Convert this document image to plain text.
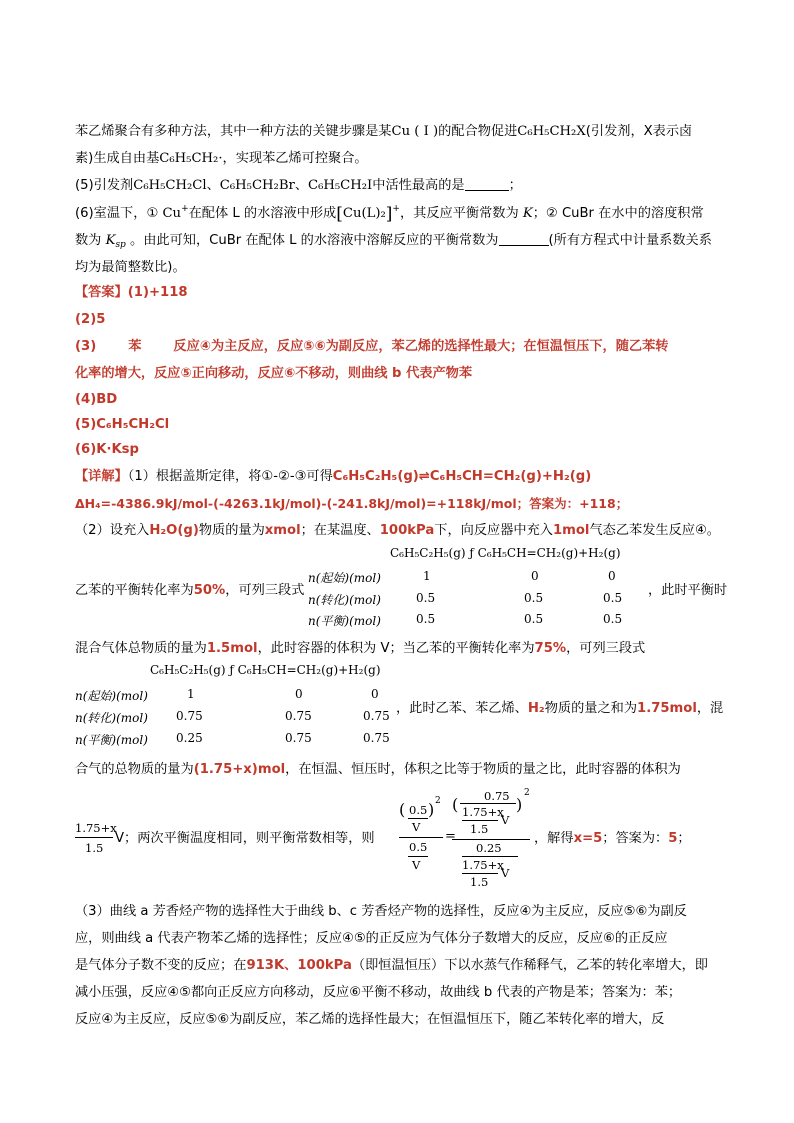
苯乙烯聚合有多种方法，其中一种方法的关键步骤是某Cu ( Ⅰ )的配合物促进C₆H₅CH₂X(引发剂，X表示卤
素)生成自由基C₆H₅CH₂·，实现苯乙烯可控聚合。
(5)引发剂C₆H₅CH₂Cl、C₆H₅CH₂Br、C₆H₅CH₂I中活性最高的是	；
(6)室温下，① Cu+在配体 L 的水溶液中形成[Cu(L)₂]+，其反应平衡常数为 K；② CuBr 在水中的溶度积常
数为 $K_{sp}$ 。由此可知，CuBr 在配体 L 的水溶液中溶解反应的平衡常数为	(所有方程式中计量系数关系
均为最简整数比)。
【答案】(1)+118
(2)5
(3) 苯 反应④为主反应，反应⑤⑥为副反应，苯乙烯的选择性最大；在恒温恒压下，随乙苯转
化率的增大，反应⑤正向移动，反应⑥不移动，则曲线 b 代表产物苯
(4)BD
(5)C₆H₅CH₂Cl
(6)K·Ksp
【详解】（1）根据盖斯定律，将①-②-③可得C₆H₅C₂H₅(g)⇌C₆H₅CH=CH₂(g)+H₂(g)
ΔH₄=-4386.9kJ/mol-(-4263.1kJ/mol)-(-241.8kJ/mol)=+118kJ/mol；答案为：+118；
（2）设充入H₂O(g)物质的量为xmol；在某温度、100kPa下，向反应器中充入1mol气态乙苯发生反应④。
C₆H₅C₂H₅(g) ƒ C₆H₅CH=CH₂(g)+H₂(g)
n(起始)(mol)	1	0	0
n(转化)(mol)	0.5	0.5	0.5
n(平衡)(mol)	0.5	0.5	0.5
乙苯的平衡转化率为50%，可列三段式	，此时平衡时
混合气体总物质的量为1.5mol，此时容器的体积为 V；当乙苯的平衡转化率为75%，可列三段式
C₆H₅C₂H₅(g) ƒ C₆H₅CH=CH₂(g)+H₂(g)
n(起始)(mol)	1	0	0
n(转化)(mol) 0.75	0.75	0.75
n(平衡)(mol) 0.25	0.75	0.75
，此时乙苯、苯乙烯、H₂物质的量之和为1.75mol，混
合气的总物质的量为(1.75+x)mol，在恒温、恒压时，体积之比等于物质的量之比，此时容器的体积为
1.75+x
1.5
V；两次平衡温度相同，则平衡常数相等，则
( 0.5
V
) 2
0.5
V
=
( 0.75
1.75+x
1.5
V
)
2
0.25
1.75+x
1.5
V
，解得x=5；答案为：5；
（3）曲线 a 芳香烃产物的选择性大于曲线 b、c 芳香烃产物的选择性，反应④为主反应，反应⑤⑥为副反
应，则曲线 a 代表产物苯乙烯的选择性；反应④⑤的正反应为气体分子数增大的反应，反应⑥的正反应
是气体分子数不变的反应；在913K、100kPa（即恒温恒压）下以水蒸气作稀释气，乙苯的转化率增大，即
减小压强，反应④⑤都向正反应方向移动，反应⑥平衡不移动，故曲线 b 代表的产物是苯；答案为：苯；
反应④为主反应，反应⑤⑥为副反应，苯乙烯的选择性最大；在恒温恒压下，随乙苯转化率的增大，反
